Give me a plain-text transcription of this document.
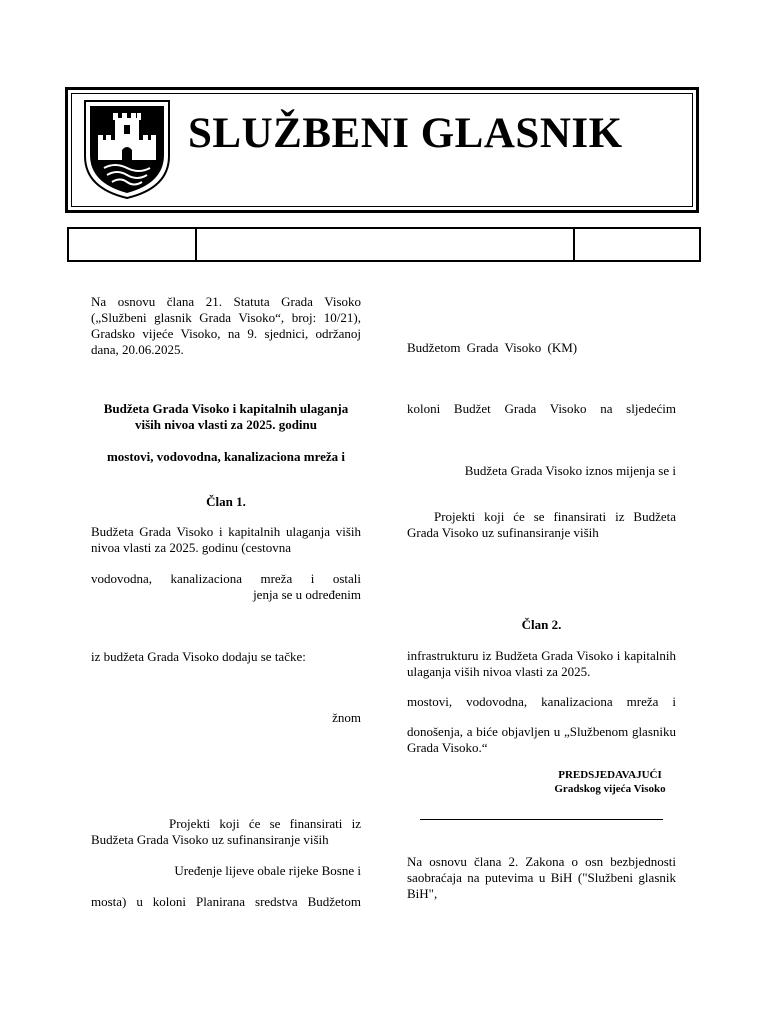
SLUŽBENI GLASNIK
Na osnovu člana 21. Statuta Grada Visoko („Službeni glasnik Grada Visoko“, broj: 10/21), Gradsko vijeće Visoko, na 9. sjednici, održanoj dana, 20.06.2025.
Budžeta Grada Visoko i kapitalnih ulaganja viših nivoa vlasti za 2025. godinu
mostovi, vodovodna, kanalizaciona mreža i
Član 1.
Budžeta Grada Visoko i kapitalnih ulaganja viših nivoa vlasti za 2025. godinu (cestovna
vodovodna, kanalizaciona mreža i ostali
jenja se u određenim
iz budžeta Grada Visoko dodaju se tačke:
žnom
Projekti koji će se finansirati iz Budžeta Grada Visoko uz sufinansiranje viših
Uređenje lijeve obale rijeke Bosne i
mosta) u koloni Planirana sredstva Budžetom
Budžetom Grada Visoko (KM)
koloni Budžet Grada Visoko na sljedećim
Budžeta Grada Visoko iznos mijenja se i
Projekti koji će se finansirati iz Budžeta Grada Visoko uz sufinansiranje viših
Član 2.
infrastrukturu iz Budžeta Grada Visoko i kapitalnih ulaganja viših nivoa vlasti za 2025.
mostovi, vodovodna, kanalizaciona mreža i
donošenja, a biće objavljen u „Službenom glasniku Grada Visoko.“
PREDSJEDAVAJUĆI
Gradskog vijeća Visoko
Na osnovu člana 2. Zakona o osn bezbjednosti saobraćaja na putevima u BiH ("Službeni glasnik BiH",
